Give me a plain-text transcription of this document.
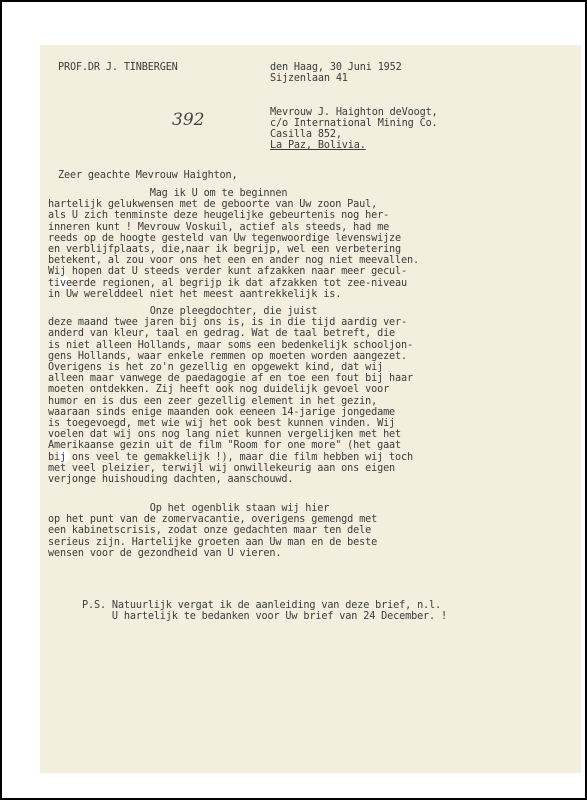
PROF.DR J. TINBERGEN	den Haag, 30 Juni 1952
Sijzenlaan 41
392	Mevrouw J. Haighton deVoogt,
c/o International Mining Co.
Casilla 852,
La Paz, Bolivia.
Zeer geachte Mevrouw Haighton,
Mag ik U om te beginnen
hartelijk gelukwensen met de geboorte van Uw zoon Paul,
als U zich tenminste deze heugelijke gebeurtenis nog her-
inneren kunt ! Mevrouw Voskuil, actief als steeds, had me
reeds op de hoogte gesteld van Uw tegenwoordige levenswijze
en verblijfplaats, die,naar ik begrijp, wel een verbetering
betekent, al zou voor ons het een en ander nog niet meevallen.
Wij hopen dat U steeds verder kunt afzakken naar meer gecul-
tiveerde regionen, al begrijp ik dat afzakken tot zee-niveau
in Uw werelddeel niet het meest aantrekkelijk is.
Onze pleegdochter, die juist
deze maand twee jaren bij ons is, is in die tijd aardig ver-
anderd van kleur, taal en gedrag. Wat de taal betreft, die
is niet alleen Hollands, maar soms een bedenkelijk schooljon-
gens Hollands, waar enkele remmen op moeten worden aangezet.
Overigens is het zo'n gezellig en opgewekt kind, dat wij
alleen maar vanwege de paedagogie af en toe een fout bij haar
moeten ontdekken. Zij heeft ook nog duidelijk gevoel voor
humor en is dus een zeer gezellig element in het gezin,
waaraan sinds enige maanden ook eeneen 14-jarige jongedame
is toegevoegd, met wie wij het ook best kunnen vinden. Wij
voelen dat wij ons nog lang niet kunnen vergelijken met het
Amerikaanse gezin uit de film "Room for one more" (het gaat
bij ons veel te gemakkelijk !), maar die film hebben wij toch
met veel pleizier, terwijl wij onwillekeurig aan ons eigen
verjonge huishouding dachten, aanschouwd.
Op het ogenblik staan wij hier
op het punt van de zomervacantie, overigens gemengd met
een kabinetscrisis, zodat onze gedachten maar ten dele
serieus zijn. Hartelijke groeten aan Uw man en de beste
wensen voor de gezondheid van U vieren.
P.S. Natuurlijk vergat ik de aanleiding van deze brief, n.l.
U hartelijk te bedanken voor Uw brief van 24 December. !
